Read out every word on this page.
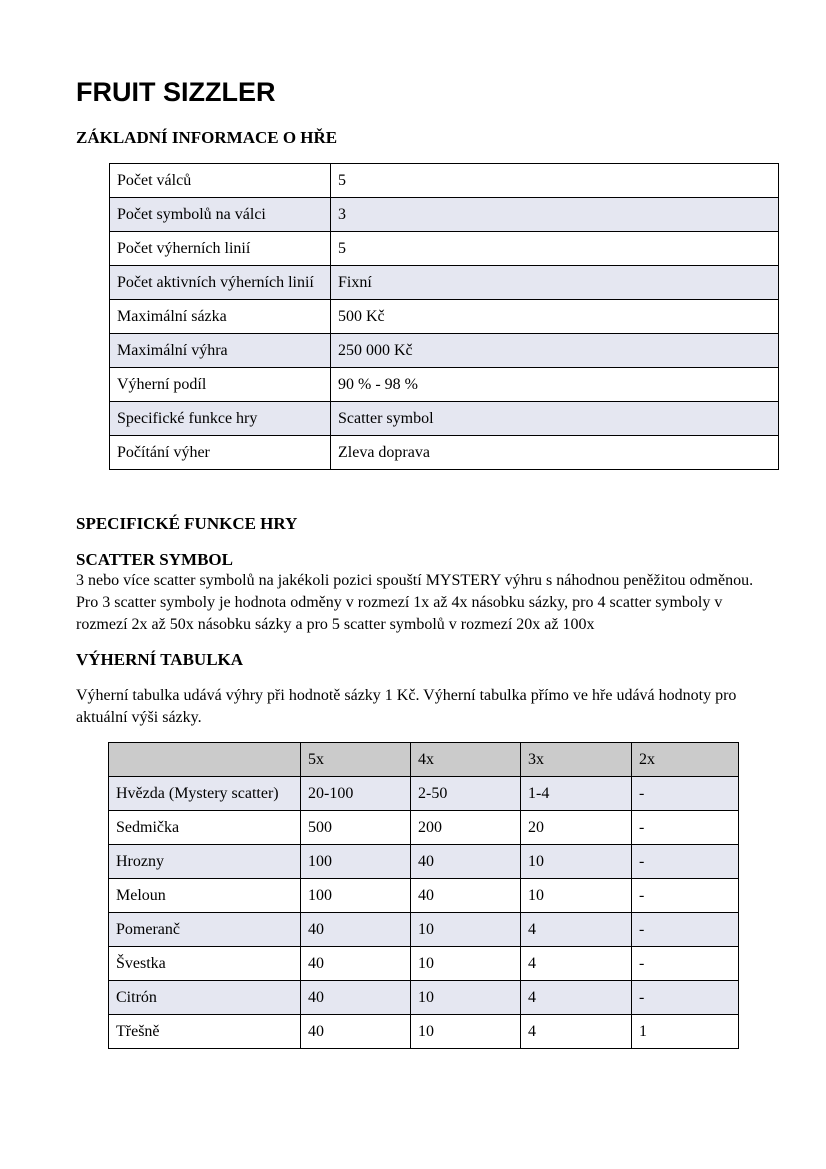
FRUIT SIZZLER
ZÁKLADNÍ INFORMACE O HŘE
Počet válců	5
Počet symbolů na válci	3
Počet výherních linií	5
Počet aktivních výherních linií	Fixní
Maximální sázka	500 Kč
Maximální výhra	250 000 Kč
Výherní podíl	90 % - 98 %
Specifické funkce hry	Scatter symbol
Počítání výher	Zleva doprava
SPECIFICKÉ FUNKCE HRY
SCATTER SYMBOL

3 nebo více scatter symbolů na jakékoli pozici spouští MYSTERY výhru s náhodnou peněžitou odměnou. Pro 3 scatter symboly je hodnota odměny v rozmezí 1x až 4x násobku sázky, pro 4 scatter symboly v rozmezí 2x až 50x násobku sázky a pro 5 scatter symbolů v rozmezí 20x až 100x

VÝHERNÍ TABULKA

Výherní tabulka udává výhry při hodnotě sázky 1 Kč. Výherní tabulka přímo ve hře udává hodnoty pro aktuální výši sázky.

	5x	4x	3x	2x
Hvězda (Mystery scatter)	20-100	2-50	1-4	-
Sedmička	500	200	20	-
Hrozny	100	40	10	-
Meloun	100	40	10	-
Pomeranč	40	10	4	-
Švestka	40	10	4	-
Citrón	40	10	4	-
Třešně	40	10	4	1
